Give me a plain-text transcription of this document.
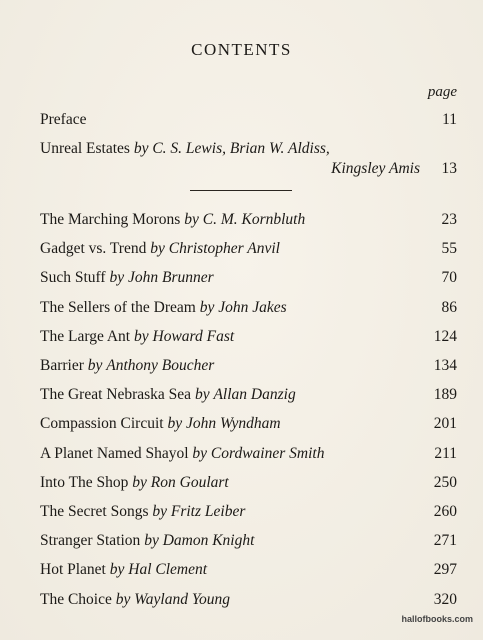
CONTENTS
page
Preface	11
Unreal Estates by C. S. Lewis, Brian W. Aldiss,
Kingsley Amis	13
The Marching Morons by C. M. Kornbluth	23
Gadget vs. Trend by Christopher Anvil	55
Such Stuff by John Brunner	70
The Sellers of the Dream by John Jakes	86
The Large Ant by Howard Fast	124
Barrier by Anthony Boucher	134
The Great Nebraska Sea by Allan Danzig	189
Compassion Circuit by John Wyndham	201
A Planet Named Shayol by Cordwainer Smith	211
Into The Shop by Ron Goulart	250
The Secret Songs by Fritz Leiber	260
Stranger Station by Damon Knight	271
Hot Planet by Hal Clement	297
The Choice by Wayland Young	320
hallofbooks.com
